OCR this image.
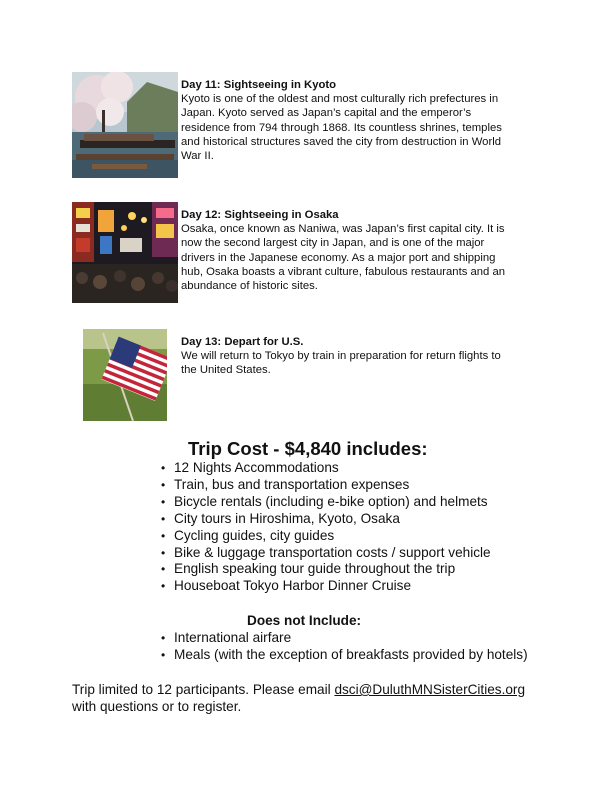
Day 11: Sightseeing in Kyoto

Kyoto is one of the oldest and most culturally rich prefectures in
Japan. Kyoto served as Japan’s capital and the emperor’s
residence from 794 through 1868. Its countless shrines, temples
and historical structures saved the city from destruction in World
War II.

Day 12: Sightseeing in Osaka

Osaka, once known as Naniwa, was Japan’s first capital city. It is
now the second largest city in Japan, and is one of the major
drivers in the Japanese economy. As a major port and shipping
hub, Osaka boasts a vibrant culture, fabulous restaurants and an
abundance of historic sites.

Day 13: Depart for U.S.

We will return to Tokyo by train in preparation for return flights to
the United States.

Trip Cost - $4,840 includes:
• 12 Nights Accommodations
• Train, bus and transportation expenses
• Bicycle rentals (including e-bike option) and helmets
• City tours in Hiroshima, Kyoto, Osaka
• Cycling guides, city guides
• Bike & luggage transportation costs / support vehicle
• English speaking tour guide throughout the trip
• Houseboat Tokyo Harbor Dinner Cruise
Does not Include:
• International airfare
• Meals (with the exception of breakfasts provided by hotels)
Trip limited to 12 participants. Please email dsci@DuluthMNSisterCities.org
with questions or to register.
